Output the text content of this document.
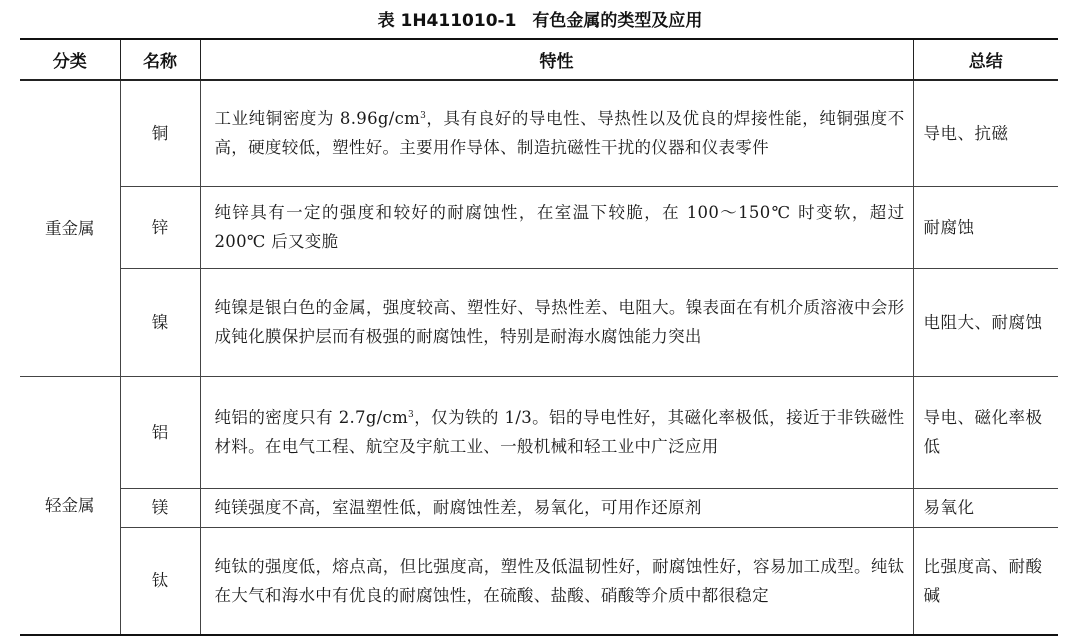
表 1H411010-1 有色金属的类型及应用
分类	名称	特性	总结
重金属	铜	工业纯铜密度为 $8.96g/cm^3$，具有良好的导电性、导热性以及优良的焊接性能，纯铜强度不高，硬度较低，塑性好。主要用作导体、制造抗磁性干扰的仪器和仪表零件	导电、抗磁
	锌	纯锌具有一定的强度和较好的耐腐蚀性，在室温下较脆，在 100～150℃ 时变软，超过 200℃ 后又变脆	耐腐蚀
	镍	纯镍是银白色的金属，强度较高、塑性好、导热性差、电阻大。镍表面在有机介质溶液中会形成钝化膜保护层而有极强的耐腐蚀性，特别是耐海水腐蚀能力突出	电阻大、耐腐蚀
轻金属	铝	纯铝的密度只有 $2.7g/cm^3$，仅为铁的 1/3。铝的导电性好，其磁化率极低，接近于非铁磁性材料。在电气工程、航空及宇航工业、一般机械和轻工业中广泛应用	导电、磁化率极低
	镁	纯镁强度不高，室温塑性低，耐腐蚀性差，易氧化，可用作还原剂	易氧化
	钛	纯钛的强度低，熔点高，但比强度高，塑性及低温韧性好，耐腐蚀性好，容易加工成型。纯钛在大气和海水中有优良的耐腐蚀性，在硫酸、盐酸、硝酸等介质中都很稳定	比强度高、耐酸碱
